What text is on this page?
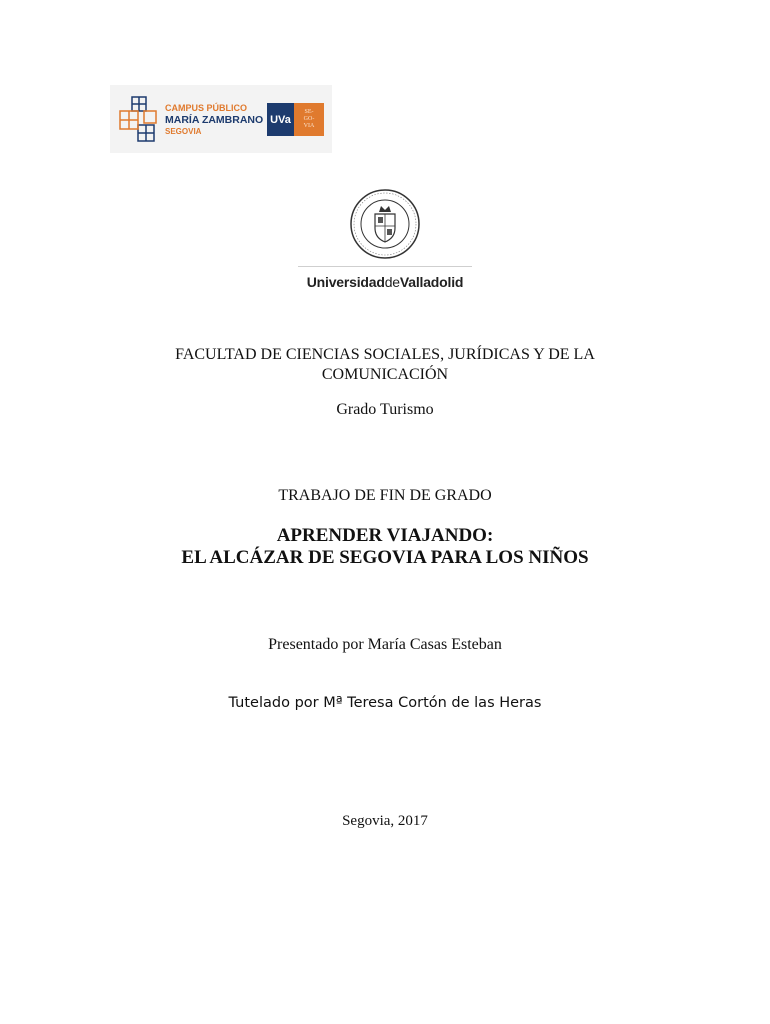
CAMPUS PÚBLICO
MARÍA ZAMBRANO
SEGOVIA
UVa
SE-
GO-
VIA
UniversidaddeValladolid
FACULTAD DE CIENCIAS SOCIALES, JURÍDICAS Y DE LA
COMUNICACIÓN
Grado Turismo
TRABAJO DE FIN DE GRADO
APRENDER VIAJANDO:
EL ALCÁZAR DE SEGOVIA PARA LOS NIÑOS
Presentado por María Casas Esteban
Tutelado por Mª Teresa Cortón de las Heras
Segovia, 2017
